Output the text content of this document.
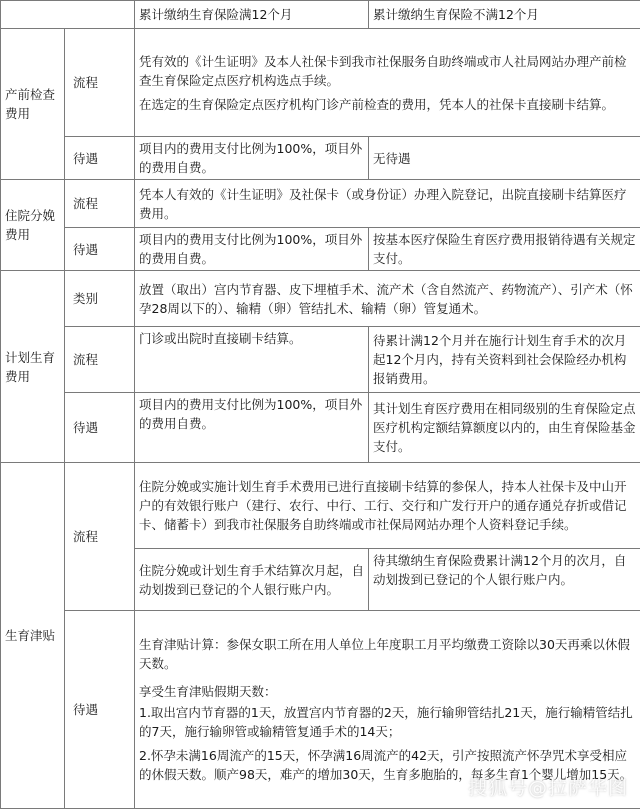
		累计缴纳生育保险满12个月	累计缴纳生育保险不满12个月
产前检查费用	流程	凭有效的《计生证明》及本人社保卡到我市社保服务自助终端或市人社局网站办理产前检查生育保险定点医疗机构选点手续。

在选定的生育保险定点医疗机构门诊产前检查的费用，凭本人的社保卡直接刷卡结算。	

	待遇	项目内的费用支付比例为100%，项目外的费用自费。	无待遇
住院分娩费用	流程	凭本人有效的《计生证明》及社保卡（或身份证）办理入院登记，出院直接刷卡结算医疗费用。	
	待遇	项目内的费用支付比例为100%，项目外的费用自费。	按基本医疗保险生育医疗费用报销待遇有关规定支付。
计划生育费用	类别	放置（取出）宫内节育器、皮下埋植手术、流产术（含自然流产、药物流产）、引产术（怀孕28周以下的）、输精（卵）管结扎术、输精（卵）管复通术。	
	流程	门诊或出院时直接刷卡结算。	待累计满12个月并在施行计划生育手术的次月起12个月内，持有关资料到社会保险经办机构报销费用。
	待遇	项目内的费用支付比例为100%，项目外的费用自费。	其计划生育医疗费用在相同级别的生育保险定点医疗机构定额结算额度以内的，由生育保险基金支付。
生育津贴	流程	住院分娩或实施计划生育手术费用已进行直接刷卡结算的参保人，持本人社保卡及中山开户的有效银行账户（建行、农行、中行、工行、交行和广发行开户的通存通兑存折或借记卡、储蓄卡）到我市社保服务自助终端或市社保局网站办理个人资料登记手续。	
		住院分娩或计划生育手术结算次月起，自动划拨到已登记的个人银行账户内。	待其缴纳生育保险费累计满12个月的次月，自动划拨到已登记的个人银行账户内。
	待遇	生育津贴计算：参保女职工所在用人单位上年度职工月平均缴费工资除以30天再乘以休假天数。

享受生育津贴假期天数：

1.取出宫内节育器的1天，放置宫内节育器的2天，施行输卵管结扎21天，施行输精管结扎的7天，施行输卵管或输精管复通手术的14天；

2.怀孕未满16周流产的15天，怀孕满16周流产的42天，引产按照流产怀孕咒术享受相应的休假天数。顺产98天，难产的增加30天，生育多胞胎的，每多生育1个婴儿增加15天。	

搜狐号@拉萨华图
